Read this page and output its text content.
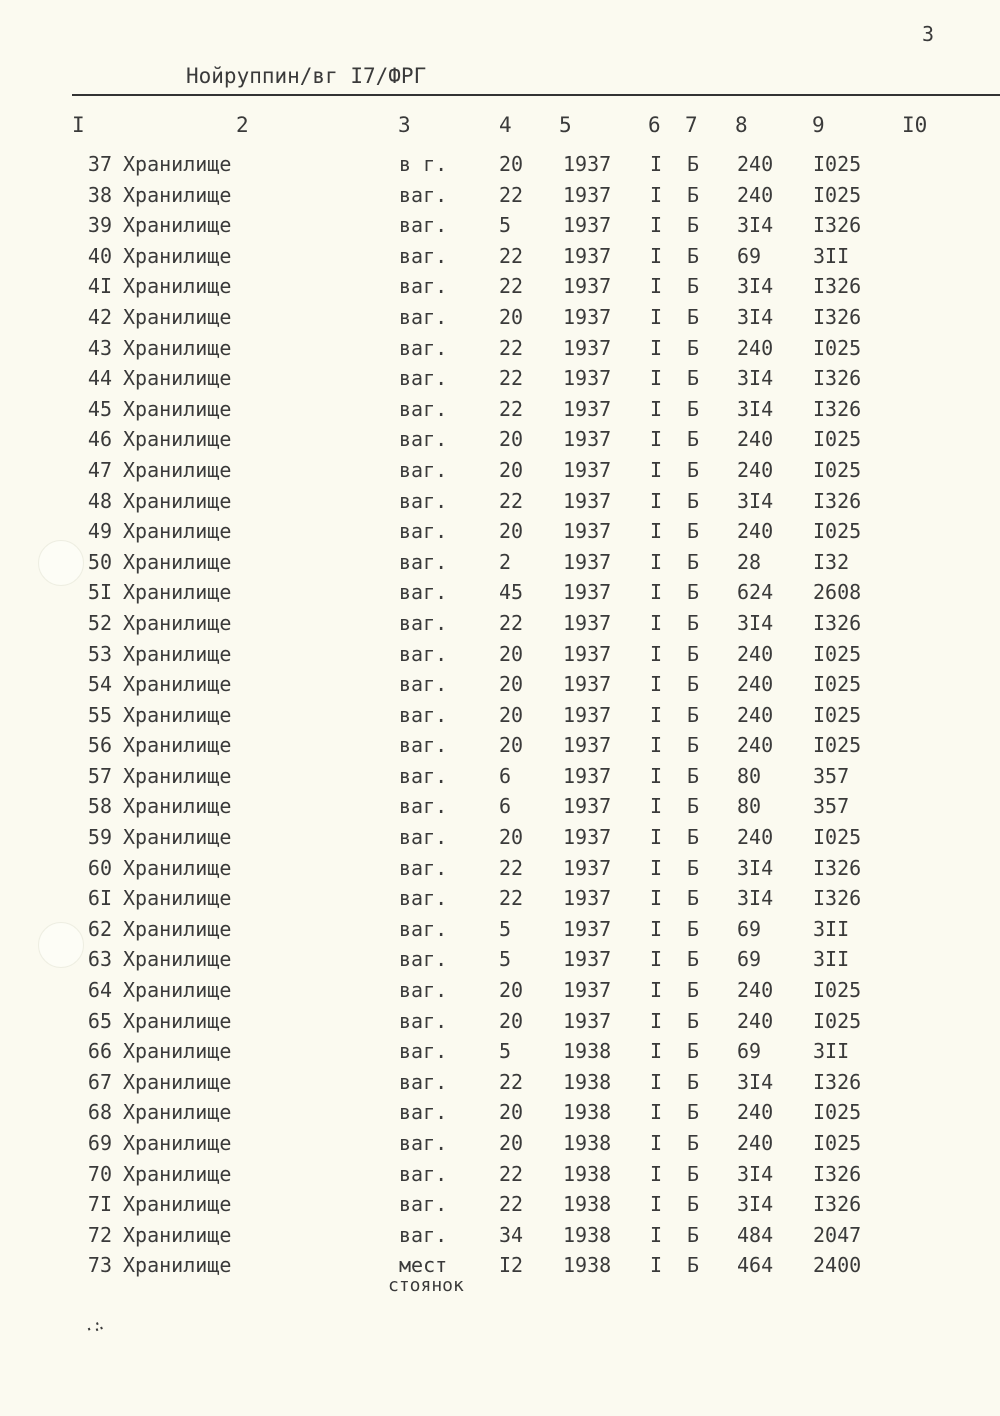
3
Нойруппин/вг I7/ФРГ
I	2	3	4 5	6 7 8	9	I0
37 Хранилище	в г.	20 1937 I Б 240 I025
38 Хранилище	ваг.	22 1937 I Б 240 I025
39 Хранилище	ваг.	5	1937 I Б 3I4 I326
40 Хранилище	ваг.	22 1937 I Б 69	3II
4I Хранилище	ваг.	22 1937 I Б 3I4 I326
42 Хранилище	ваг.	20 1937 I Б 3I4 I326
43 Хранилище	ваг.	22 1937 I Б 240 I025
44 Хранилище	ваг.	22 1937 I Б 3I4 I326
45 Хранилище	ваг.	22 1937 I Б 3I4 I326
46 Хранилище	ваг.	20 1937 I Б 240 I025
47 Хранилище	ваг.	20 1937 I Б 240 I025
48 Хранилище	ваг.	22 1937 I Б 3I4 I326
49 Хранилище	ваг.	20 1937 I Б 240 I025
50 Хранилище	ваг.	2	1937 I Б 28	I32
5I Хранилище	ваг.	45 1937 I Б 624 2608
52 Хранилище	ваг.	22 1937 I Б 3I4 I326
53 Хранилище	ваг.	20 1937 I Б 240 I025
54 Хранилище	ваг.	20 1937 I Б 240 I025
55 Хранилище	ваг.	20 1937 I Б 240 I025
56 Хранилище	ваг.	20 1937 I Б 240 I025
57 Хранилище	ваг.	6	1937 I Б 80	357
58 Хранилище	ваг.	6	1937 I Б 80	357
59 Хранилище	ваг.	20 1937 I Б 240 I025
60 Хранилище	ваг.	22 1937 I Б 3I4 I326
6I Хранилище	ваг.	22 1937 I Б 3I4 I326
62 Хранилище	ваг.	5	1937 I Б 69	3II
63 Хранилище	ваг.	5	1937 I Б 69	3II
64 Хранилище	ваг.	20 1937 I Б 240 I025
65 Хранилище	ваг.	20 1937 I Б 240 I025
66 Хранилище	ваг.	5	1938 I Б 69	3II
67 Хранилище	ваг.	22 1938 I Б 3I4 I326
68 Хранилище	ваг.	20 1938 I Б 240 I025
69 Хранилище	ваг.	20 1938 I Б 240 I025
70 Хранилище	ваг.	22 1938 I Б 3I4 I326
7I Хранилище	ваг.	22 1938 I Б 3I4 I326
72 Хранилище	ваг.	34 1938 I Б 484 2047
73 Хранилище	мест	I2 1938 I Б 464 2400
стоянок
·∴
